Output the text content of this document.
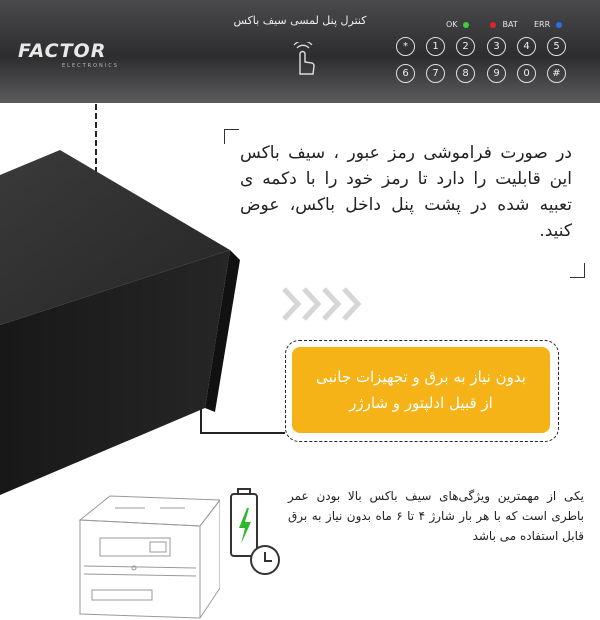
FACTOR
ELECTRONICS
کنترل پنل لمسی سیف باکس	OK	BAT ERR
*	1	2	3	4	5
6	7	8	9	0	#
در صورت فراموشی رمز عبور ، سیف باکس این قابلیت را دارد تا رمز خود را با دکمه ی تعبیه شده در پشت پنل داخل باکس، عوض کنید.
بدون نیاز به برق و تجهیزات جانبی
از قبیل ادلپتور و شارژر
یکی از مهمترین ویژگی‌های سیف باکس بالا بودن عمر باطری است که با هر بار شارژ ۴ تا ۶ ماه بدون نیاز به برق قابل استفاده می باشد
